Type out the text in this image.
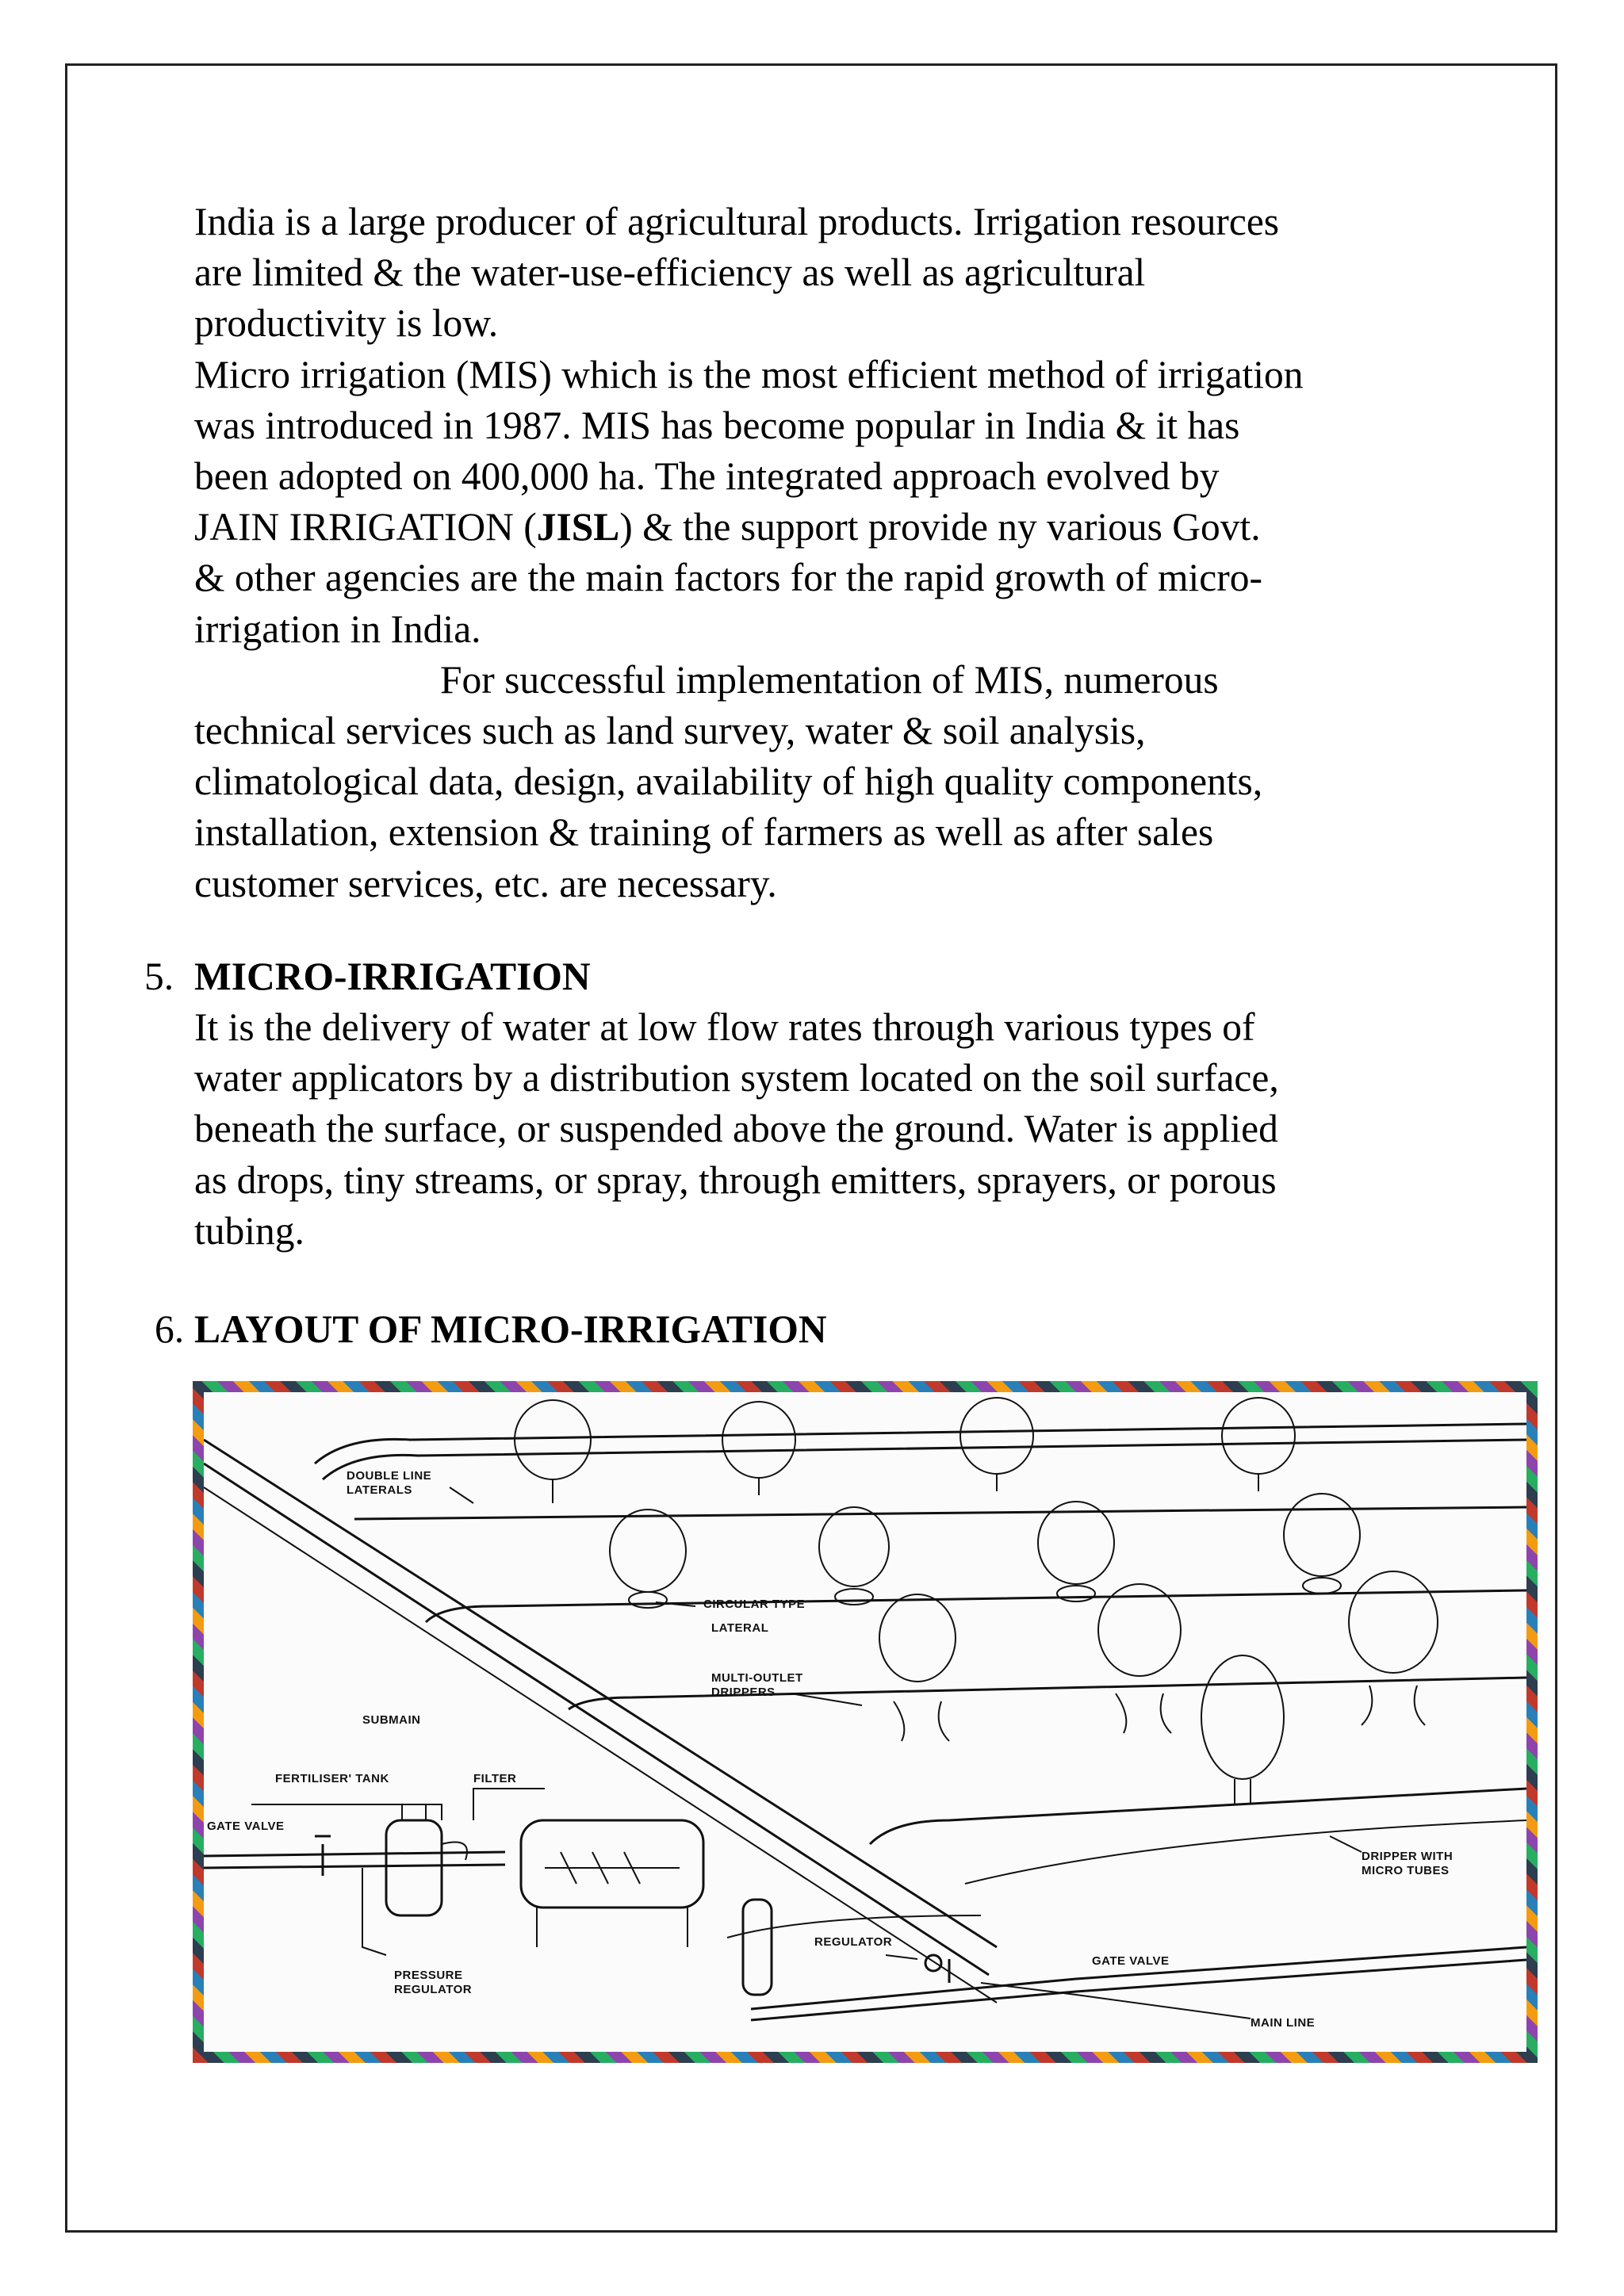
India is a large producer of agricultural products. Irrigation resources
are limited & the water-use-efficiency as well as agricultural
productivity is low.

Micro irrigation (MIS) which is the most efficient method of irrigation
was introduced in 1987. MIS has become popular in India & it has
been adopted on 400,000 ha. The integrated approach evolved by
JAIN IRRIGATION (JISL) & the support provide ny various Govt.
& other agencies are the main factors for the rapid growth of micro-
irrigation in India.

For successful implementation of MIS, numerous
technical services such as land survey, water & soil analysis,
climatological data, design, availability of high quality components,
installation, extension & training of farmers as well as after sales
customer services, etc. are necessary.

5. MICRO-IRRIGATION
It is the delivery of water at low flow rates through various types of
water applicators by a distribution system located on the soil surface,
beneath the surface, or suspended above the ground. Water is applied
as drops, tiny streams, or spray, through emitters, sprayers, or porous
tubing.
6. LAYOUT OF MICRO-IRRIGATION
DOUBLE LINE
LATERALS
CIRCULAR TYPE
LATERAL
MULTI-OUTLET
DRIPPERS
SUBMAIN
FERTILISER' TANK	FILTER
GATE VALVE
DRIPPER WITH
MICRO TUBES
REGULATOR
GATE VALVE
PRESSURE
REGULATOR
MAIN LINE
